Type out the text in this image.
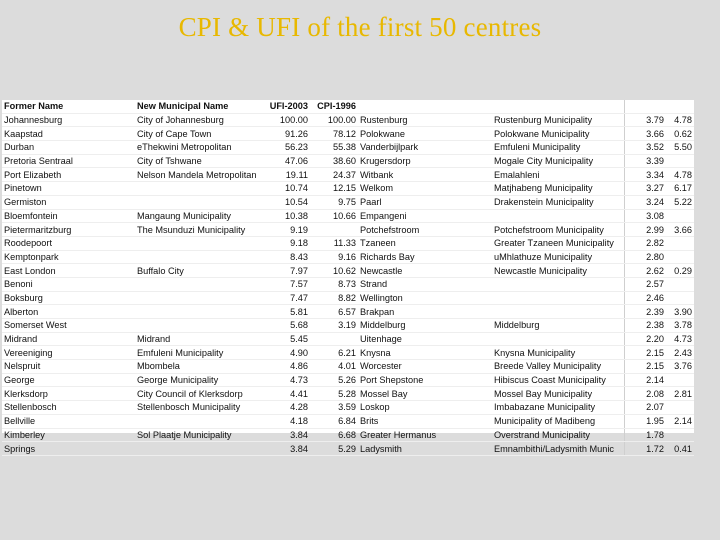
CPI & UFI of the first 50 centres
Former Name	New Municipal Name	UFI-2003	CPI-1996				
Johannesburg	City of Johannesburg	100.00	100.00	Rustenburg	Rustenburg Municipality	3.79	4.78
Kaapstad	City of Cape Town	91.26	78.12	Polokwane	Polokwane Municipality	3.66	0.62
Durban	eThekwini Metropolitan	56.23	55.38	Vanderbijlpark	Emfuleni Municipality	3.52	5.50
Pretoria Sentraal	City of Tshwane	47.06	38.60	Krugersdorp	Mogale City Municipality	3.39	
Port Elizabeth	Nelson Mandela Metropolitan	19.11	24.37	Witbank	Emalahleni	3.34	4.78
Pinetown		10.74	12.15	Welkom	Matjhabeng Municipality	3.27	6.17
Germiston		10.54	9.75	Paarl	Drakenstein Municipality	3.24	5.22
Bloemfontein	Mangaung Municipality	10.38	10.66	Empangeni		3.08	
Pietermaritzburg	The Msunduzi Municipality	9.19		Potchefstroom	Potchefstroom Municipality	2.99	3.66
Roodepoort		9.18	11.33	Tzaneen	Greater Tzaneen Municipality	2.82	
Kemptonpark		8.43	9.16	Richards Bay	uMhlathuze Municipality	2.80	
East London	Buffalo City	7.97	10.62	Newcastle	Newcastle Municipality	2.62	0.29
Benoni		7.57	8.73	Strand		2.57	
Boksburg		7.47	8.82	Wellington		2.46	
Alberton		5.81	6.57	Brakpan		2.39	3.90
Somerset West		5.68	3.19	Middelburg	Middelburg	2.38	3.78
Midrand	Midrand	5.45		Uitenhage		2.20	4.73
Vereeniging	Emfuleni Municipality	4.90	6.21	Knysna	Knysna Municipality	2.15	2.43
Nelspruit	Mbombela	4.86	4.01	Worcester	Breede Valley Municipality	2.15	3.76
George	George Municipality	4.73	5.26	Port Shepstone	Hibiscus Coast Municipality	2.14	
Klerksdorp	City Council of Klerksdorp	4.41	5.28	Mossel Bay	Mossel Bay Municipality	2.08	2.81
Stellenbosch	Stellenbosch Municipality	4.28	3.59	Loskop	Imbabazane Municipality	2.07	
Bellville		4.18	6.84	Brits	Municipality of Madibeng	1.95	2.14
Kimberley	Sol Plaatje Municipality	3.84	6.68	Greater Hermanus	Overstrand Municipality	1.78	
Springs		3.84	5.29	Ladysmith	Emnambithi/Ladysmith Munic	1.72	0.41
